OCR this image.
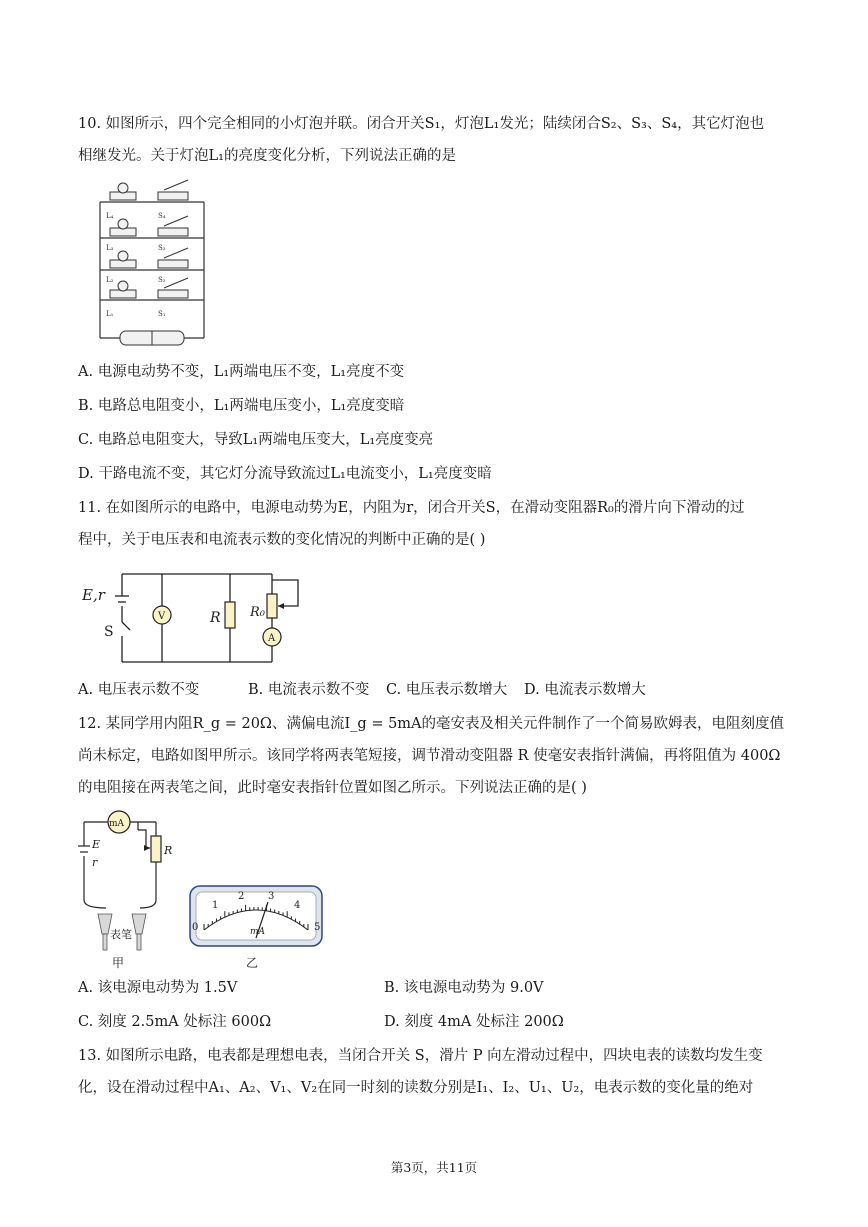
10. 如图所示，四个完全相同的小灯泡并联。闭合开关S₁，灯泡L₁发光；陆续闭合S₂、S₃、S₄，其它灯泡也
相继发光。关于灯泡L₁的亮度变化分析，下列说法正确的是
L₄	S₄
L₃	S₃
L₂	S₂
L₁	S₁
A. 电源电动势不变，L₁两端电压不变，L₁亮度不变
B. 电路总电阻变小，L₁两端电压变小，L₁亮度变暗
C. 电路总电阻变大，导致L₁两端电压变大，L₁亮度变亮
D. 干路电流不变，其它灯分流导致流过L₁电流变小，L₁亮度变暗
11. 在如图所示的电路中，电源电动势为E，内阻为r，闭合开关S，在滑动变阻器R₀的滑片向下滑动的过
程中，关于电压表和电流表示数的变化情况的判断中正确的是( )
V
A
E,r
S
R R₀
A. 电压表示数不变	B. 电流表示数不变 C. 电压表示数增大 D. 电流表示数增大
12. 某同学用内阻R_g = 20Ω、满偏电流I_g = 5mA的毫安表及相关元件制作了一个简易欧姆表，电阻刻度值
尚未标定，电路如图甲所示。该同学将两表笔短接，调节滑动变阻器 R 使毫安表指针满偏，再将阻值为 400Ω
的电阻接在两表笔之间，此时毫安表指针位置如图乙所示。下列说法正确的是( )
mA
E
r
R
表笔
甲	乙
0
1
2 3
4
5
mA
A. 该电源电动势为 1.5V	B. 该电源电动势为 9.0V
C. 刻度 2.5mA 处标注 600Ω	D. 刻度 4mA 处标注 200Ω
13. 如图所示电路，电表都是理想电表，当闭合开关 S，滑片 P 向左滑动过程中，四块电表的读数均发生变
化，设在滑动过程中A₁、A₂、V₁、V₂在同一时刻的读数分别是I₁、I₂、U₁、U₂，电表示数的变化量的绝对
第3页，共11页
